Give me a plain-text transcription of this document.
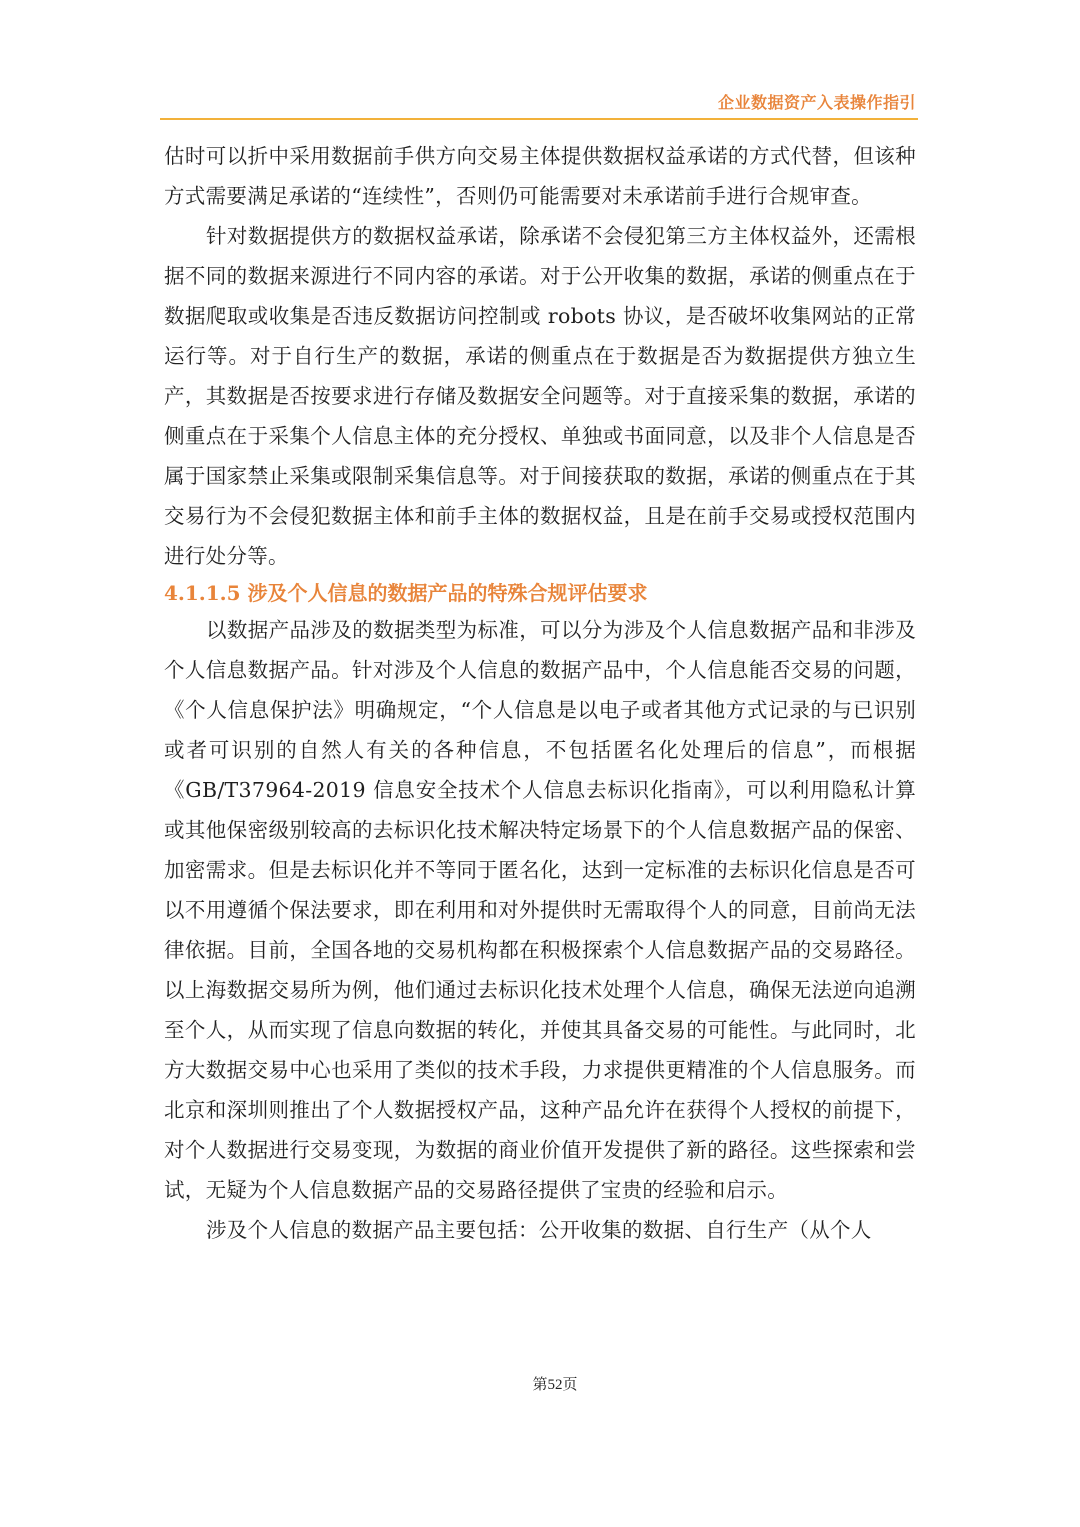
企业数据资产入表操作指引

估时可以折中采用数据前手供方向交易主体提供数据权益承诺的方式代替，但该种方式需要满足承诺的“连续性”，否则仍可能需要对未承诺前手进行合规审查。

针对数据提供方的数据权益承诺，除承诺不会侵犯第三方主体权益外，还需根据不同的数据来源进行不同内容的承诺。对于公开收集的数据，承诺的侧重点在于数据爬取或收集是否违反数据访问控制或 robots 协议，是否破坏收集网站的正常运行等。对于自行生产的数据，承诺的侧重点在于数据是否为数据提供方独立生产，其数据是否按要求进行存储及数据安全问题等。对于直接采集的数据，承诺的侧重点在于采集个人信息主体的充分授权、单独或书面同意，以及非个人信息是否属于国家禁止采集或限制采集信息等。对于间接获取的数据，承诺的侧重点在于其交易行为不会侵犯数据主体和前手主体的数据权益，且是在前手交易或授权范围内进行处分等。

4.1.1.5 涉及个人信息的数据产品的特殊合规评估要求

以数据产品涉及的数据类型为标准，可以分为涉及个人信息数据产品和非涉及个人信息数据产品。针对涉及个人信息的数据产品中，个人信息能否交易的问题，《个人信息保护法》明确规定，“个人信息是以电子或者其他方式记录的与已识别或者可识别的自然人有关的各种信息，不包括匿名化处理后的信息”，而根据《GB/T37964-2019 信息安全技术个人信息去标识化指南》，可以利用隐私计算或其他保密级别较高的去标识化技术解决特定场景下的个人信息数据产品的保密、加密需求。但是去标识化并不等同于匿名化，达到一定标准的去标识化信息是否可以不用遵循个保法要求，即在利用和对外提供时无需取得个人的同意，目前尚无法律依据。目前，全国各地的交易机构都在积极探索个人信息数据产品的交易路径。以上海数据交易所为例，他们通过去标识化技术处理个人信息，确保无法逆向追溯至个人，从而实现了信息向数据的转化，并使其具备交易的可能性。与此同时，北方大数据交易中心也采用了类似的技术手段，力求提供更精准的个人信息服务。而北京和深圳则推出了个人数据授权产品，这种产品允许在获得个人授权的前提下，对个人数据进行交易变现，为数据的商业价值开发提供了新的路径。这些探索和尝试，无疑为个人信息数据产品的交易路径提供了宝贵的经验和启示。

涉及个人信息的数据产品主要包括：公开收集的数据、自行生产（从个人

第52页
